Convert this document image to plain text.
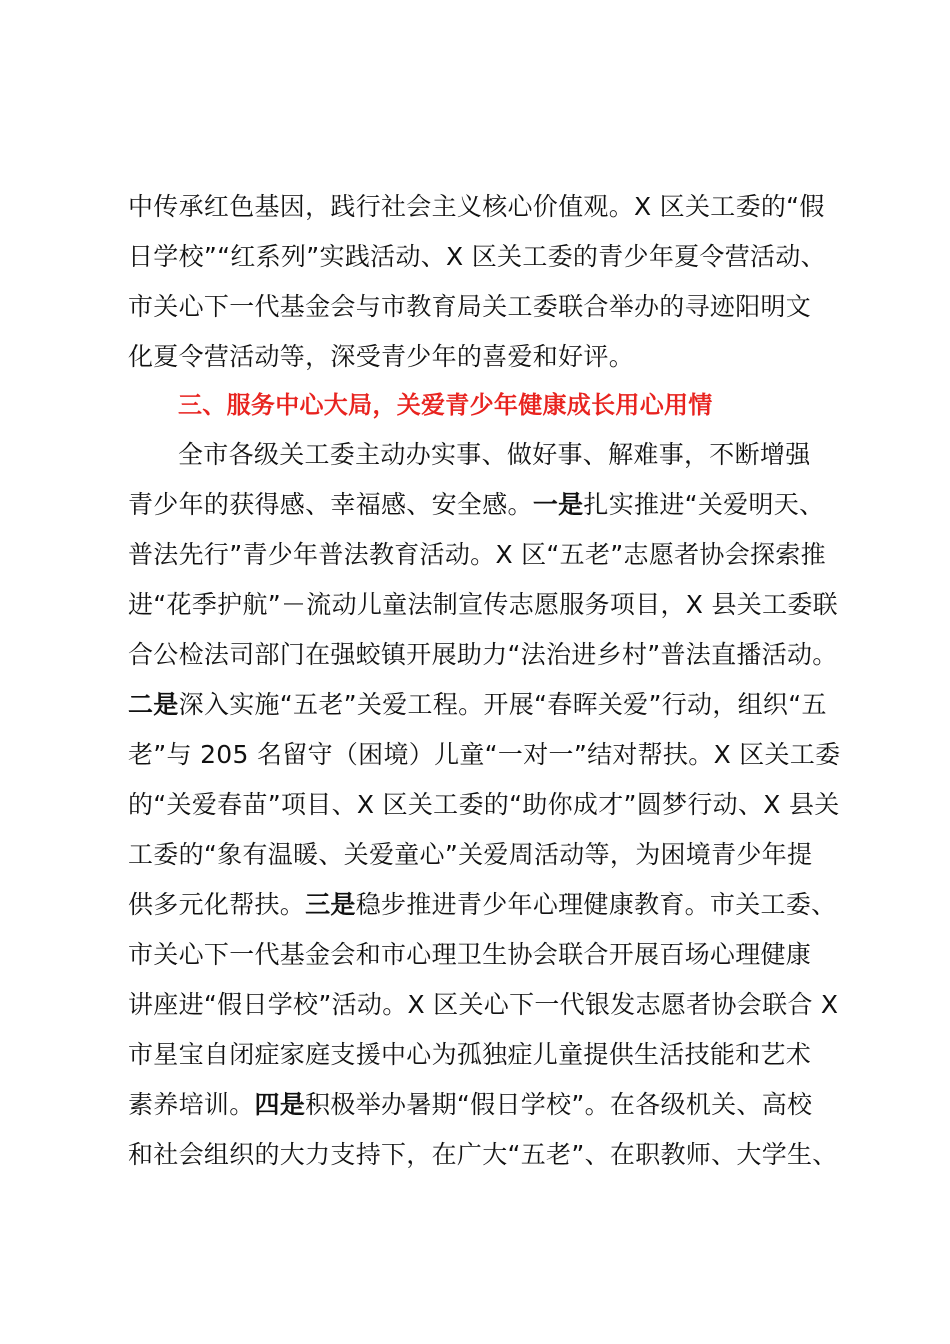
中传承红色基因，践行社会主义核心价值观。X 区关工委的“假
日学校”“红系列”实践活动、X 区关工委的青少年夏令营活动、
市关心下一代基金会与市教育局关工委联合举办的寻迹阳明文
化夏令营活动等，深受青少年的喜爱和好评。
三、服务中心大局，关爱青少年健康成长用心用情
全市各级关工委主动办实事、做好事、解难事，不断增强
青少年的获得感、幸福感、安全感。一是扎实推进“关爱明天、
普法先行”青少年普法教育活动。X 区“五老”志愿者协会探索推
进“花季护航”－流动儿童法制宣传志愿服务项目，X 县关工委联
合公检法司部门在强蛟镇开展助力“法治进乡村”普法直播活动。
二是深入实施“五老”关爱工程。开展“春晖关爱”行动，组织“五
老”与 205 名留守（困境）儿童“一对一”结对帮扶。X 区关工委
的“关爱春苗”项目、X 区关工委的“助你成才”圆梦行动、X 县关
工委的“象有温暖、关爱童心”关爱周活动等，为困境青少年提
供多元化帮扶。三是稳步推进青少年心理健康教育。市关工委、
市关心下一代基金会和市心理卫生协会联合开展百场心理健康
讲座进“假日学校”活动。X 区关心下一代银发志愿者协会联合 X
市星宝自闭症家庭支援中心为孤独症儿童提供生活技能和艺术
素养培训。四是积极举办暑期“假日学校”。在各级机关、高校
和社会组织的大力支持下，在广大“五老”、在职教师、大学生、
